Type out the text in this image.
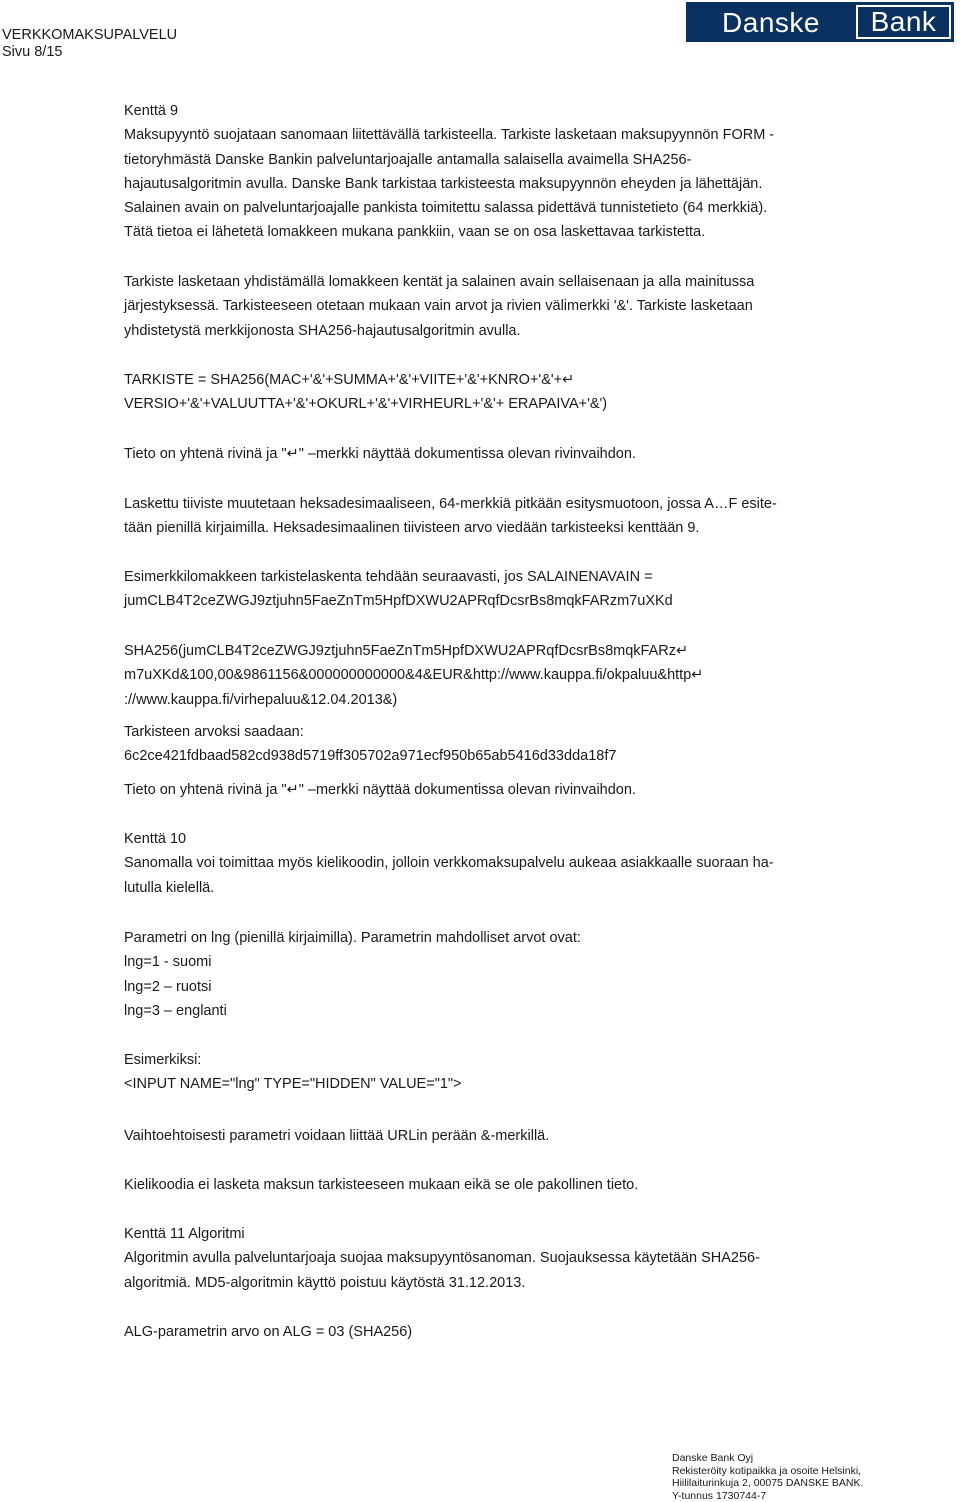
VERKKOMAKSUPALVELU
Sivu 8/15
Danske	Bank
Kenttä 9
Maksupyyntö suojataan sanomaan liitettävällä tarkisteella. Tarkiste lasketaan maksupyynnön FORM -
tietoryhmästä Danske Bankin palveluntarjoajalle antamalla salaisella avaimella SHA256-
hajautusalgoritmin avulla. Danske Bank tarkistaa tarkisteesta maksupyynnön eheyden ja lähettäjän.
Salainen avain on palveluntarjoajalle pankista toimitettu salassa pidettävä tunnistetieto (64 merkkiä).
Tätä tietoa ei lähetetä lomakkeen mukana pankkiin, vaan se on osa laskettavaa tarkistetta.
Tarkiste lasketaan yhdistämällä lomakkeen kentät ja salainen avain sellaisenaan ja alla mainitussa
järjestyksessä. Tarkisteeseen otetaan mukaan vain arvot ja rivien välimerkki '&'. Tarkiste lasketaan
yhdistetystä merkkijonosta SHA256-hajautusalgoritmin avulla.
TARKISTE = SHA256(MAC+'&'+SUMMA+'&'+VIITE+'&'+KNRO+'&'+↵
VERSIO+'&'+VALUUTTA+'&'+OKURL+'&'+VIRHEURL+'&'+ ERAPAIVA+'&')
Tieto on yhtenä rivinä ja "↵" –merkki näyttää dokumentissa olevan rivinvaihdon.
Laskettu tiiviste muutetaan heksadesimaaliseen, 64-merkkiä pitkään esitysmuotoon, jossa A…F esite-
tään pienillä kirjaimilla. Heksadesimaalinen tiivisteen arvo viedään tarkisteeksi kenttään 9.
Esimerkkilomakkeen tarkistelaskenta tehdään seuraavasti, jos SALAINENAVAIN =
jumCLB4T2ceZWGJ9ztjuhn5FaeZnTm5HpfDXWU2APRqfDcsrBs8mqkFARzm7uXKd
SHA256(jumCLB4T2ceZWGJ9ztjuhn5FaeZnTm5HpfDXWU2APRqfDcsrBs8mqkFARz↵
m7uXKd&100,00&9861156&000000000000&4&EUR&http://www.kauppa.fi/okpaluu&http↵
://www.kauppa.fi/virhepaluu&12.04.2013&)
Tarkisteen arvoksi saadaan:
6c2ce421fdbaad582cd938d5719ff305702a971ecf950b65ab5416d33dda18f7
Tieto on yhtenä rivinä ja "↵" –merkki näyttää dokumentissa olevan rivinvaihdon.
Kenttä 10
Sanomalla voi toimittaa myös kielikoodin, jolloin verkkomaksupalvelu aukeaa asiakkaalle suoraan ha-
lutulla kielellä.
Parametri on lng (pienillä kirjaimilla). Parametrin mahdolliset arvot ovat:
lng=1 - suomi
lng=2 – ruotsi
lng=3 – englanti
Esimerkiksi:
<INPUT NAME="lng" TYPE="HIDDEN" VALUE="1">
Vaihtoehtoisesti parametri voidaan liittää URLin perään &-merkillä.
Kielikoodia ei lasketa maksun tarkisteeseen mukaan eikä se ole pakollinen tieto.
Kenttä 11 Algoritmi
Algoritmin avulla palveluntarjoaja suojaa maksupyyntösanoman. Suojauksessa käytetään SHA256-
algoritmiä. MD5-algoritmin käyttö poistuu käytöstä 31.12.2013.
ALG-parametrin arvo on ALG = 03 (SHA256)
Danske Bank Oyj
Rekisteröity kotipaikka ja osoite Helsinki,
Hiililaiturinkuja 2, 00075 DANSKE BANK.
Y-tunnus 1730744-7
